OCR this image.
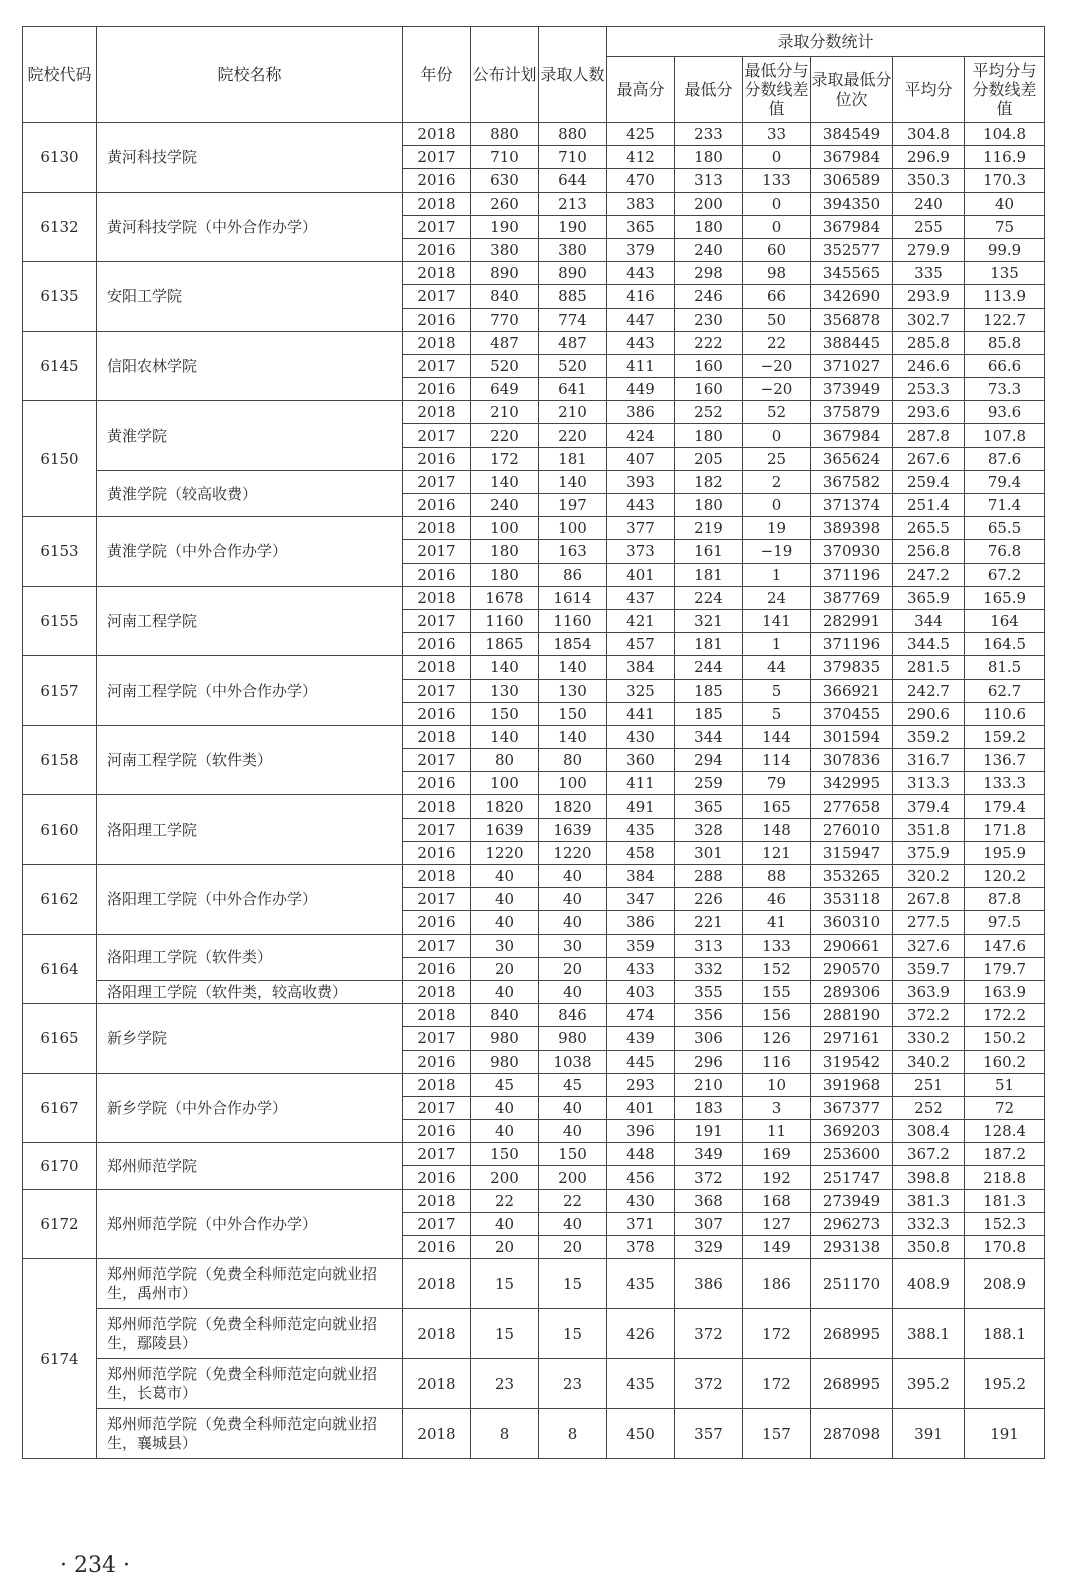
院校代码	院校名称	年份	公布计划	录取人数	录取分数统计					
					最高分	最低分	最低分与分数线差值	录取最低分位次	平均分	平均分与分数线差值
6130	黄河科技学院	2018	880	880	425	233	33	384549	304.8	104.8
		2017	710	710	412	180	0	367984	296.9	116.9
		2016	630	644	470	313	133	306589	350.3	170.3
6132	黄河科技学院（中外合作办学）	2018	260	213	383	200	0	394350	240	40
		2017	190	190	365	180	0	367984	255	75
		2016	380	380	379	240	60	352577	279.9	99.9
6135	安阳工学院	2018	890	890	443	298	98	345565	335	135
		2017	840	885	416	246	66	342690	293.9	113.9
		2016	770	774	447	230	50	356878	302.7	122.7
6145	信阳农林学院	2018	487	487	443	222	22	388445	285.8	85.8
		2017	520	520	411	160	−20	371027	246.6	66.6
		2016	649	641	449	160	−20	373949	253.3	73.3
6150	黄淮学院	2018	210	210	386	252	52	375879	293.6	93.6
		2017	220	220	424	180	0	367984	287.8	107.8
		2016	172	181	407	205	25	365624	267.6	87.6
	黄淮学院（较高收费）	2017	140	140	393	182	2	367582	259.4	79.4
		2016	240	197	443	180	0	371374	251.4	71.4
6153	黄淮学院（中外合作办学）	2018	100	100	377	219	19	389398	265.5	65.5
		2017	180	163	373	161	−19	370930	256.8	76.8
		2016	180	86	401	181	1	371196	247.2	67.2
6155	河南工程学院	2018	1678	1614	437	224	24	387769	365.9	165.9
		2017	1160	1160	421	321	141	282991	344	164
		2016	1865	1854	457	181	1	371196	344.5	164.5
6157	河南工程学院（中外合作办学）	2018	140	140	384	244	44	379835	281.5	81.5
		2017	130	130	325	185	5	366921	242.7	62.7
		2016	150	150	441	185	5	370455	290.6	110.6
6158	河南工程学院（软件类）	2018	140	140	430	344	144	301594	359.2	159.2
		2017	80	80	360	294	114	307836	316.7	136.7
		2016	100	100	411	259	79	342995	313.3	133.3
6160	洛阳理工学院	2018	1820	1820	491	365	165	277658	379.4	179.4
		2017	1639	1639	435	328	148	276010	351.8	171.8
		2016	1220	1220	458	301	121	315947	375.9	195.9
6162	洛阳理工学院（中外合作办学）	2018	40	40	384	288	88	353265	320.2	120.2
		2017	40	40	347	226	46	353118	267.8	87.8
		2016	40	40	386	221	41	360310	277.5	97.5
6164	洛阳理工学院（软件类）	2017	30	30	359	313	133	290661	327.6	147.6
		2016	20	20	433	332	152	290570	359.7	179.7
	洛阳理工学院（软件类，较高收费）	2018	40	40	403	355	155	289306	363.9	163.9
6165	新乡学院	2018	840	846	474	356	156	288190	372.2	172.2
		2017	980	980	439	306	126	297161	330.2	150.2
		2016	980	1038	445	296	116	319542	340.2	160.2
6167	新乡学院（中外合作办学）	2018	45	45	293	210	10	391968	251	51
		2017	40	40	401	183	3	367377	252	72
		2016	40	40	396	191	11	369203	308.4	128.4
6170	郑州师范学院	2017	150	150	448	349	169	253600	367.2	187.2
		2016	200	200	456	372	192	251747	398.8	218.8
6172	郑州师范学院（中外合作办学）	2018	22	22	430	368	168	273949	381.3	181.3
		2017	40	40	371	307	127	296273	332.3	152.3
		2016	20	20	378	329	149	293138	350.8	170.8
6174	郑州师范学院（免费全科师范定向就业招生，禹州市）	2018	15	15	435	386	186	251170	408.9	208.9
	郑州师范学院（免费全科师范定向就业招生，鄢陵县）	2018	15	15	426	372	172	268995	388.1	188.1
	郑州师范学院（免费全科师范定向就业招生，长葛市）	2018	23	23	435	372	172	268995	395.2	195.2
	郑州师范学院（免费全科师范定向就业招生，襄城县）	2018	8	8	450	357	157	287098	391	191
· 234 ·
